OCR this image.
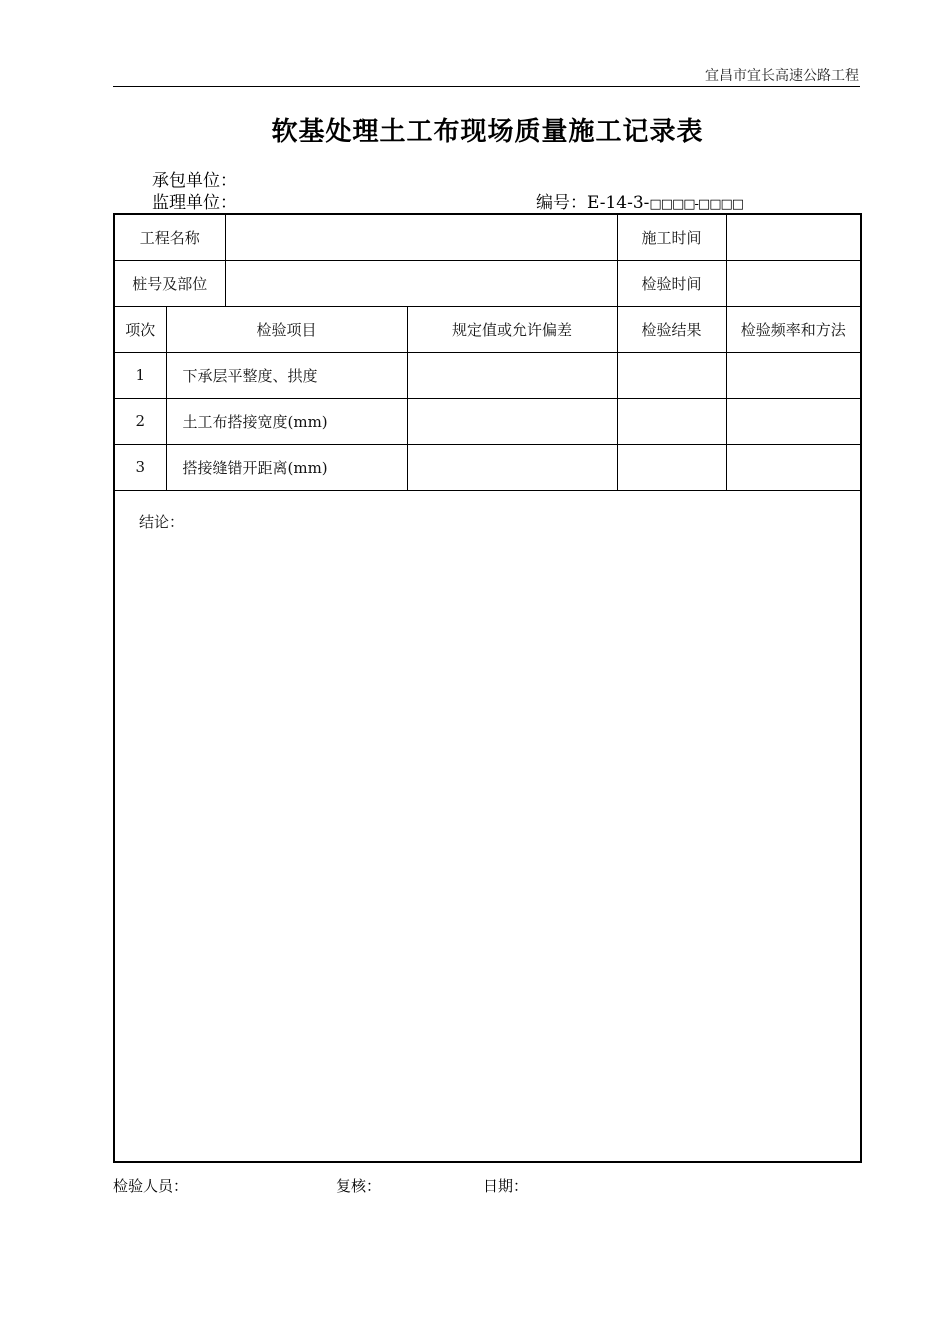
宜昌市宜长高速公路工程
软基处理土工布现场质量施工记录表
承包单位：
监理单位：	编号：E-14-3-□□□□-□□□□
工程名称				施工时间	
桩号及部位				检验时间	
项次	检验项目		规定值或允许偏差	检验结果	检验频率和方法
1	下承层平整度、拱度				
2	土工布搭接宽度(mm)				
3	搭接缝错开距离(mm)				
结论：					
检验人员：	复核：	日期：
